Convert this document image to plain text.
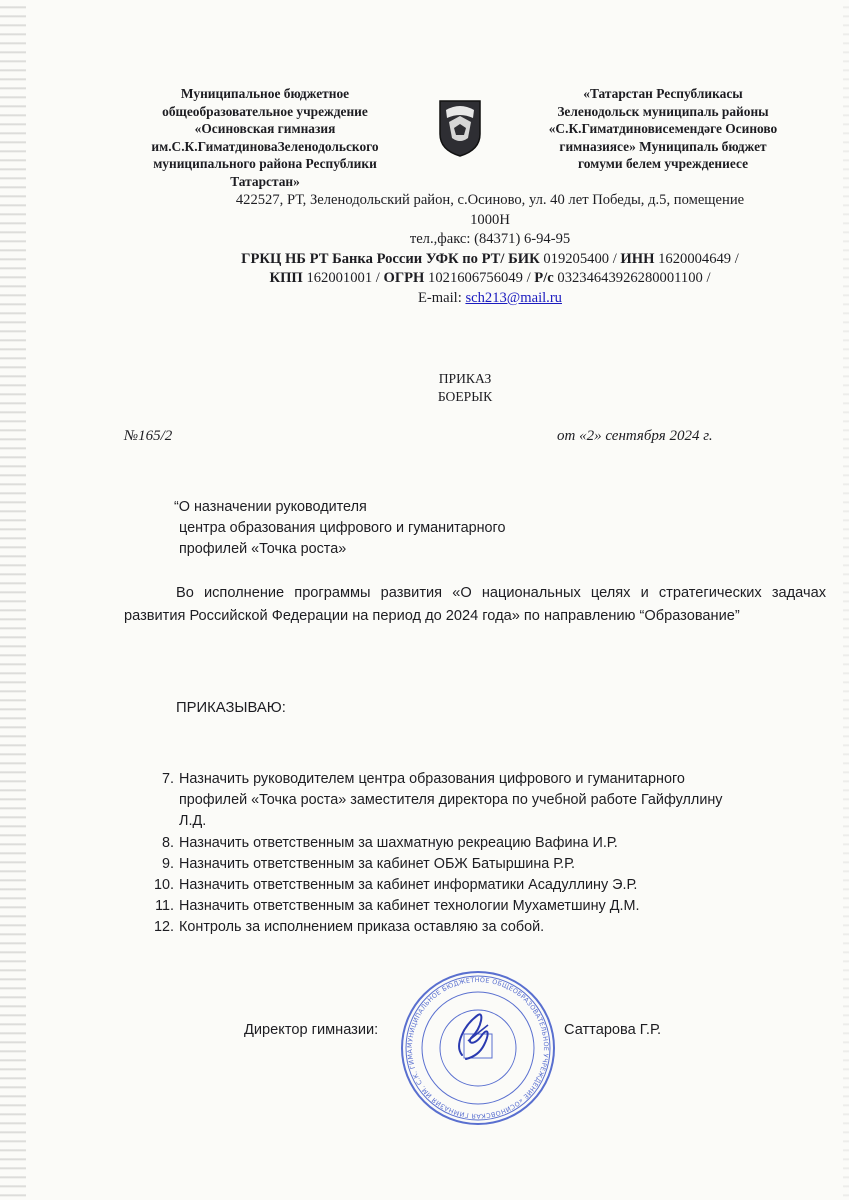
Муниципальное бюджетное
общеобразовательное учреждение
«Осиновская гимназия
им.С.К.ГиматдиноваЗеленодольского
муниципального района Республики
Татарстан»
«Татарстан Республикасы
Зеленодольск муниципаль районы
«С.К.Гиматдиновисемендәге Осиново
гимназиясе» Муниципаль бюджет
гомуми белем учреждениесе
422527, РТ, Зеленодольский район, с.Осиново, ул. 40 лет Победы, д.5, помещение
1000Н
тел.,факс: (84371) 6-94-95
ГРКЦ НБ РТ Банка России УФК по РТ/ БИК 019205400 / ИНН 1620004649 /
КПП 162001001 / ОГРН 1021606756049 / Р/с 03234643926280001100 /
E-mail: sch213@mail.ru
ПРИКАЗ
БОЕРЫК
№165/2	от «2» сентября 2024 г.
“О назначении руководителя
центра образования цифрового и гуманитарного
профилей «Точка роста»
Во исполнение программы развития «О национальных целях и стратегических задачах развития Российской Федерации на период до 2024 года» по направлению “Образование”
ПРИКАЗЫВАЮ:
7. Назначить руководителем центра образования цифрового и гуманитарного профилей «Точка роста» заместителя директора по учебной работе Гайфуллину Л.Д.
8. Назначить ответственным за шахматную рекреацию Вафина И.Р.
9. Назначить ответственным за кабинет ОБЖ Батыршина Р.Р.
10. Назначить ответственным за кабинет информатики Асадуллину Э.Р.
11. Назначить ответственным за кабинет технологии Мухаметшину Д.М.
12. Контроль за исполнением приказа оставляю за собой.
МУНИЦИПАЛЬНОЕ БЮДЖЕТНОЕ ОБЩЕОБРАЗОВАТЕЛЬНОЕ УЧРЕЖДЕНИЕ «ОСИНОВСКАЯ ГИМНАЗИЯ ИМ. С.К. ГИМА
Директор гимназии:	Саттарова Г.Р.
